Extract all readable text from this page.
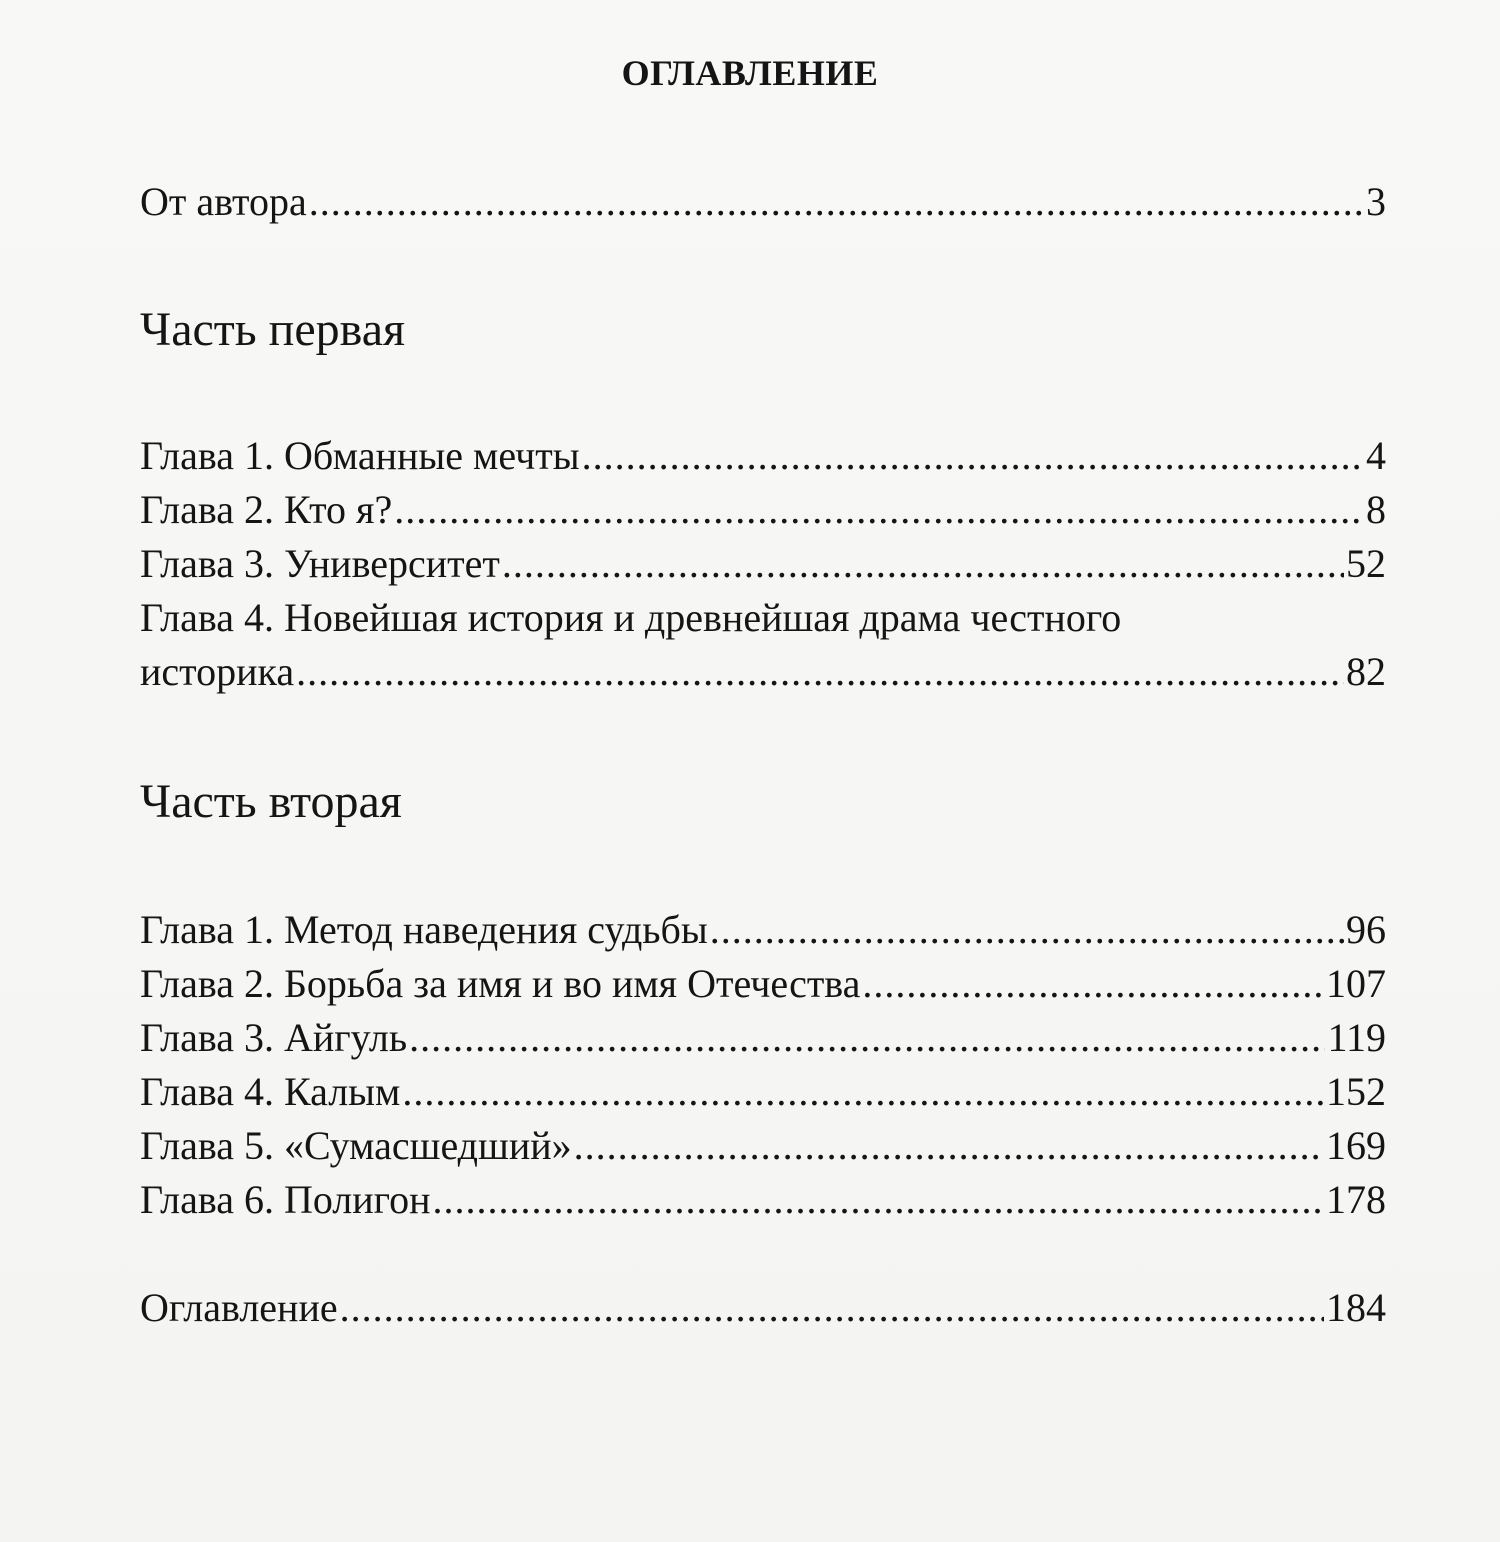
ОГЛАВЛЕНИЕ
От автора .....	3
Часть первая
Глава 1. Обманные мечты .....	4
Глава 2. Кто я? .....	8
Глава 3. Университет .....	52
Глава 4. Новейшая история и древнейшая драма честного
историка .....	82
Часть вторая
Глава 1. Метод наведения судьбы .....	96
Глава 2. Борьба за имя и во имя Отечества .....	107
Глава 3. Айгуль .....	119
Глава 4. Калым .....	152
Глава 5. «Сумасшедший» .....	169
Глава 6. Полигон .....	178
Оглавление .....	184
